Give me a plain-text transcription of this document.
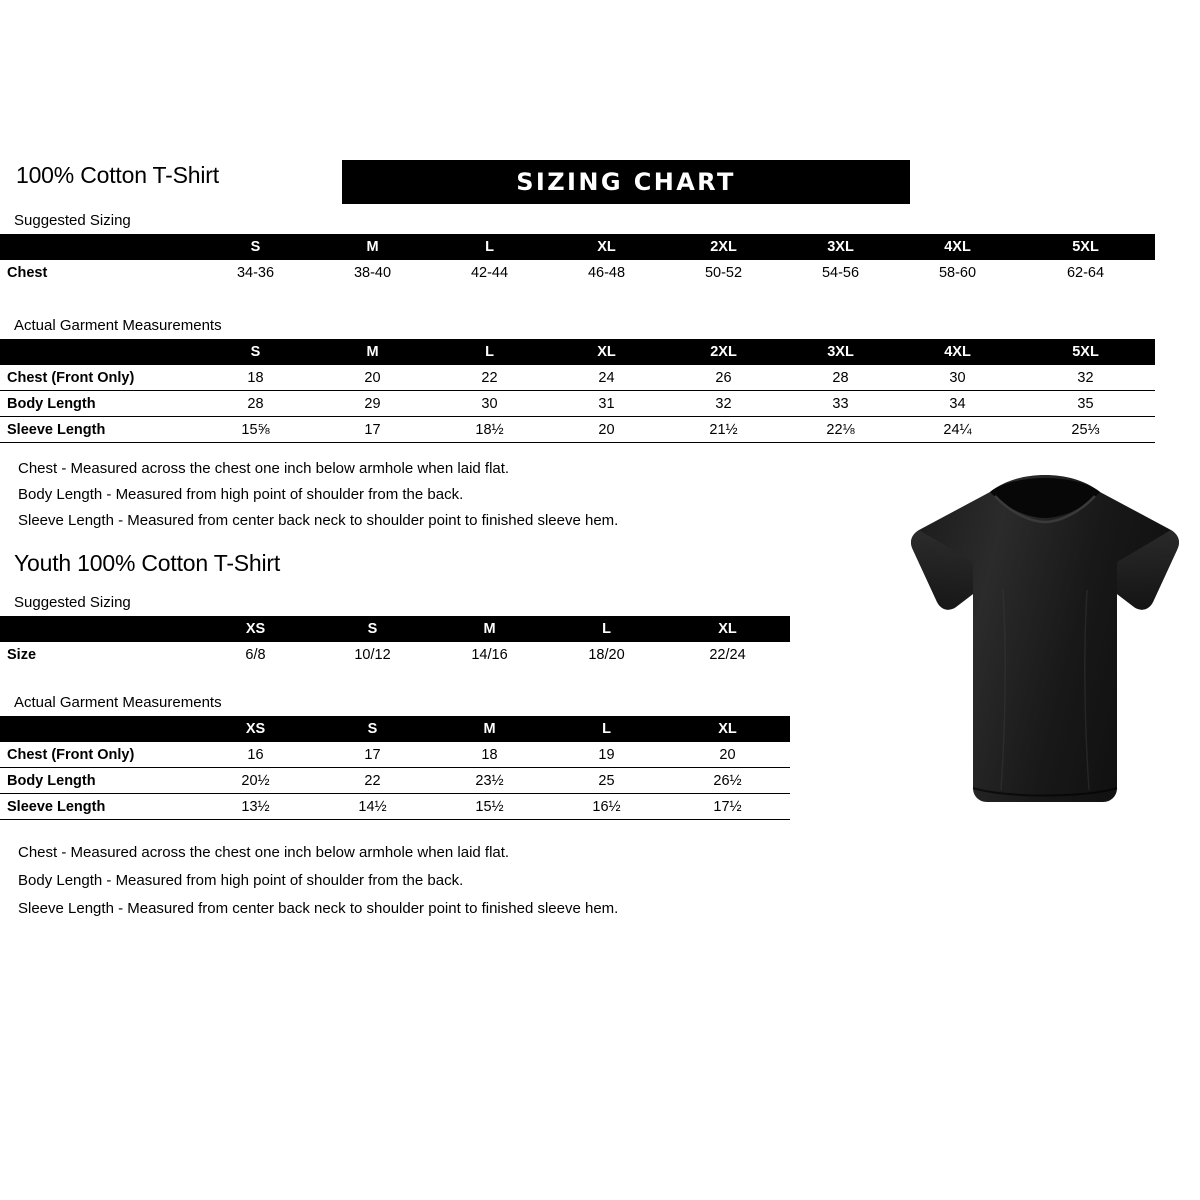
100% Cotton T-Shirt	SIZING CHART
Suggested Sizing
	S	M	L	XL	2XL	3XL	4XL	5XL
Chest	34-36	38-40	42-44	46-48	50-52	54-56	58-60	62-64
Actual Garment Measurements
	S	M	L	XL	2XL	3XL	4XL	5XL
Chest (Front Only)	18	20	22	24	26	28	30	32
Body Length	28	29	30	31	32	33	34	35
Sleeve Length	15⅝	17	18½	20	21½	22⅛	24¼	25⅓
Chest - Measured across the chest one inch below armhole when laid flat.
Body Length - Measured from high point of shoulder from the back.
Sleeve Length - Measured from center back neck to shoulder point to finished sleeve hem.
Youth 100% Cotton T-Shirt
Suggested Sizing
	XS	S	M	L	XL
Size	6/8	10/12	14/16	18/20	22/24
Actual Garment Measurements
	XS	S	M	L	XL
Chest (Front Only)	16	17	18	19	20
Body Length	20½	22	23½	25	26½
Sleeve Length	13½	14½	15½	16½	17½
Chest - Measured across the chest one inch below armhole when laid flat.
Body Length - Measured from high point of shoulder from the back.
Sleeve Length - Measured from center back neck to shoulder point to finished sleeve hem.
